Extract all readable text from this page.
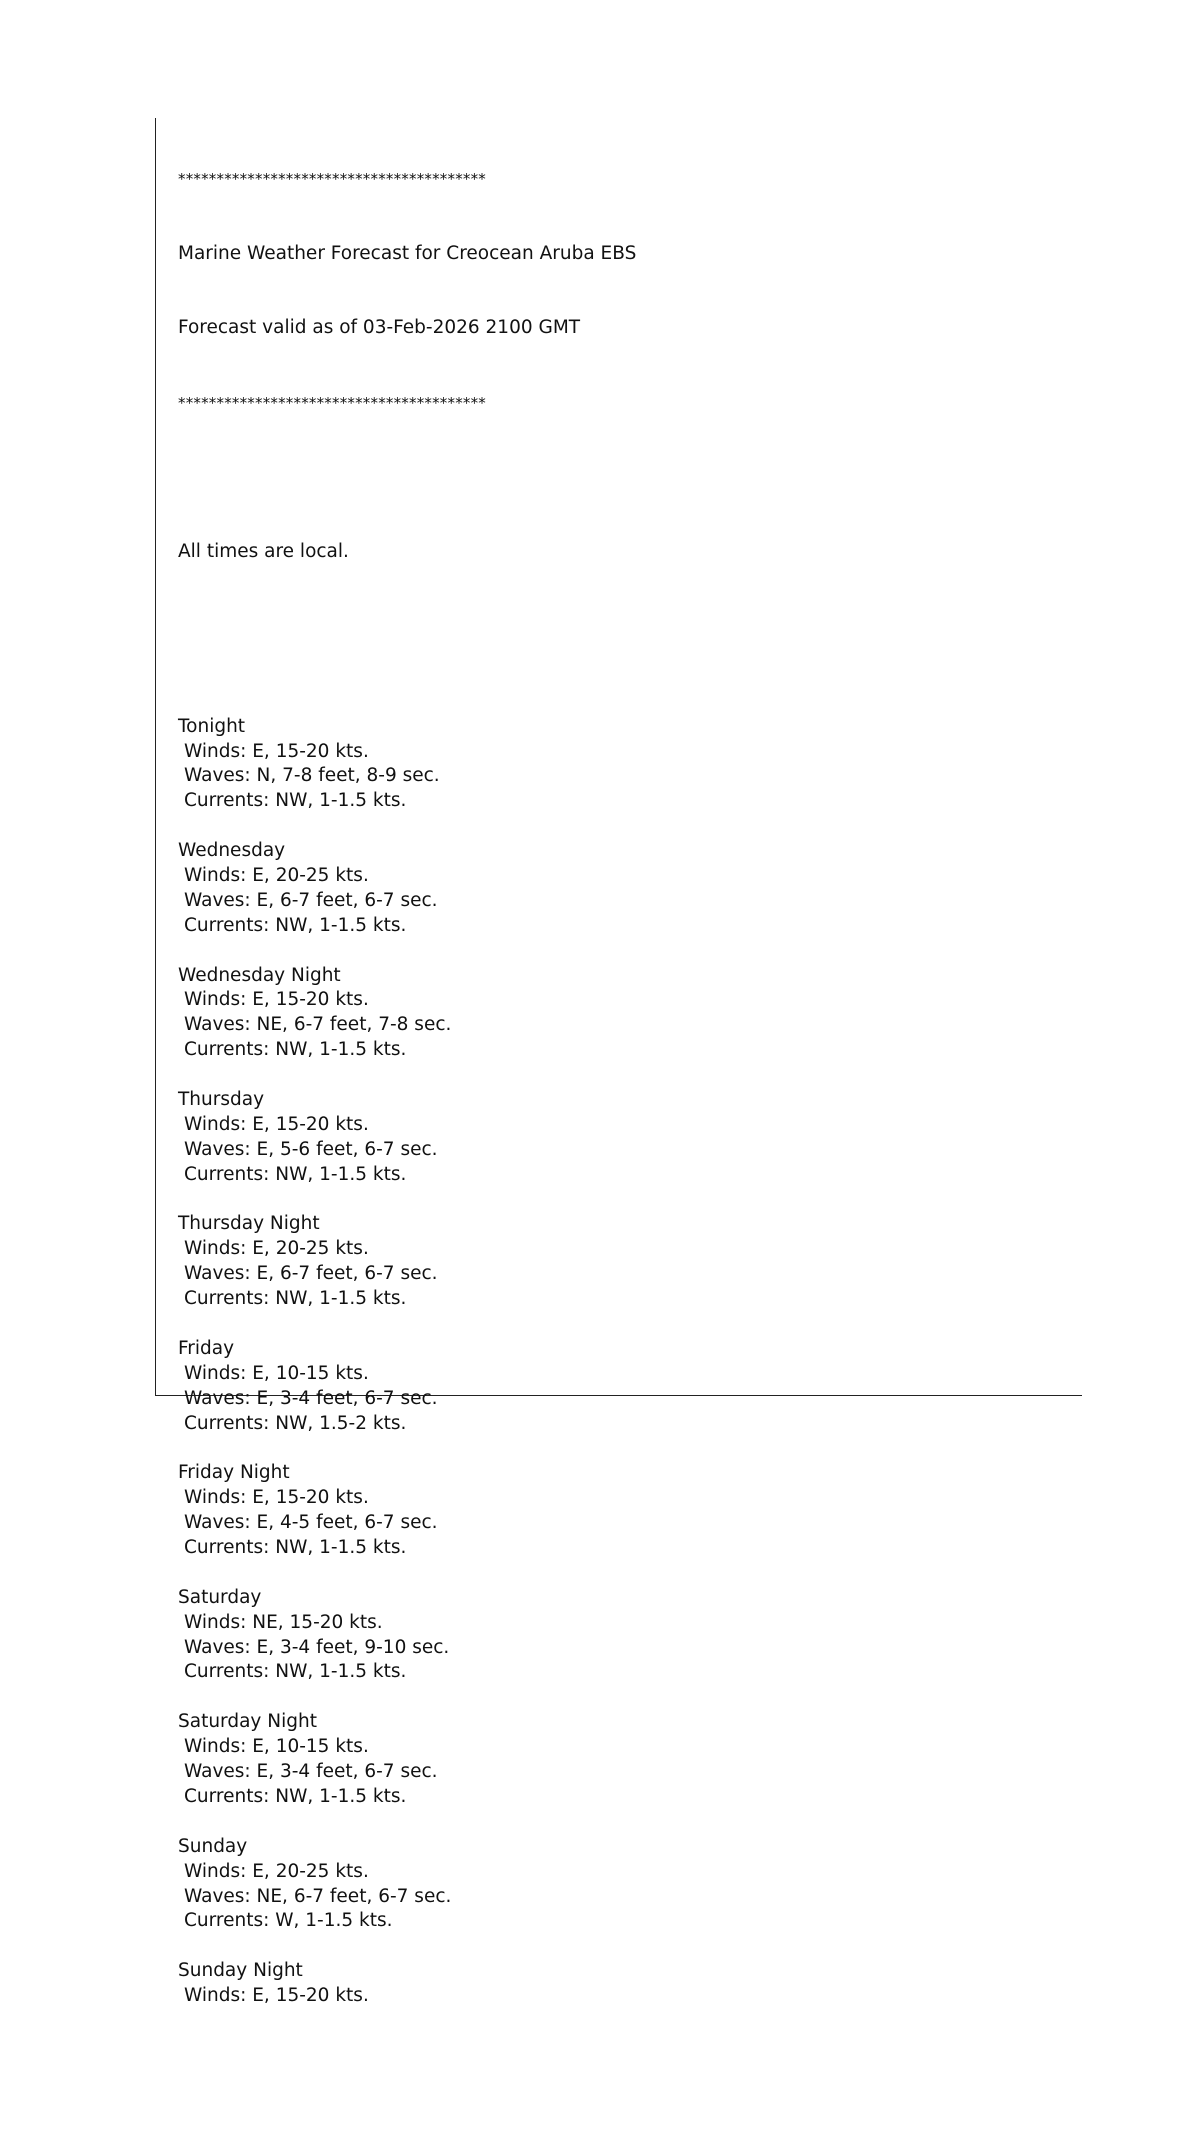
****************************************

Marine Weather Forecast for Creocean Aruba EBS

Forecast valid as of 03-Feb-2026 2100 GMT

****************************************

All times are local.

Tonight
Winds: E, 15-20 kts.
Waves: N, 7-8 feet, 8-9 sec.
Currents: NW, 1-1.5 kts.
Wednesday
Winds: E, 20-25 kts.
Waves: E, 6-7 feet, 6-7 sec.
Currents: NW, 1-1.5 kts.
Wednesday Night
Winds: E, 15-20 kts.
Waves: NE, 6-7 feet, 7-8 sec.
Currents: NW, 1-1.5 kts.
Thursday
Winds: E, 15-20 kts.
Waves: E, 5-6 feet, 6-7 sec.
Currents: NW, 1-1.5 kts.
Thursday Night
Winds: E, 20-25 kts.
Waves: E, 6-7 feet, 6-7 sec.
Currents: NW, 1-1.5 kts.
Friday
Winds: E, 10-15 kts.
Waves: E, 3-4 feet, 6-7 sec.
Currents: NW, 1.5-2 kts.
Friday Night
Winds: E, 15-20 kts.
Waves: E, 4-5 feet, 6-7 sec.
Currents: NW, 1-1.5 kts.
Saturday
Winds: NE, 15-20 kts.
Waves: E, 3-4 feet, 9-10 sec.
Currents: NW, 1-1.5 kts.
Saturday Night
Winds: E, 10-15 kts.
Waves: E, 3-4 feet, 6-7 sec.
Currents: NW, 1-1.5 kts.
Sunday
Winds: E, 20-25 kts.
Waves: NE, 6-7 feet, 6-7 sec.
Currents: W, 1-1.5 kts.
Sunday Night
Winds: E, 15-20 kts.
